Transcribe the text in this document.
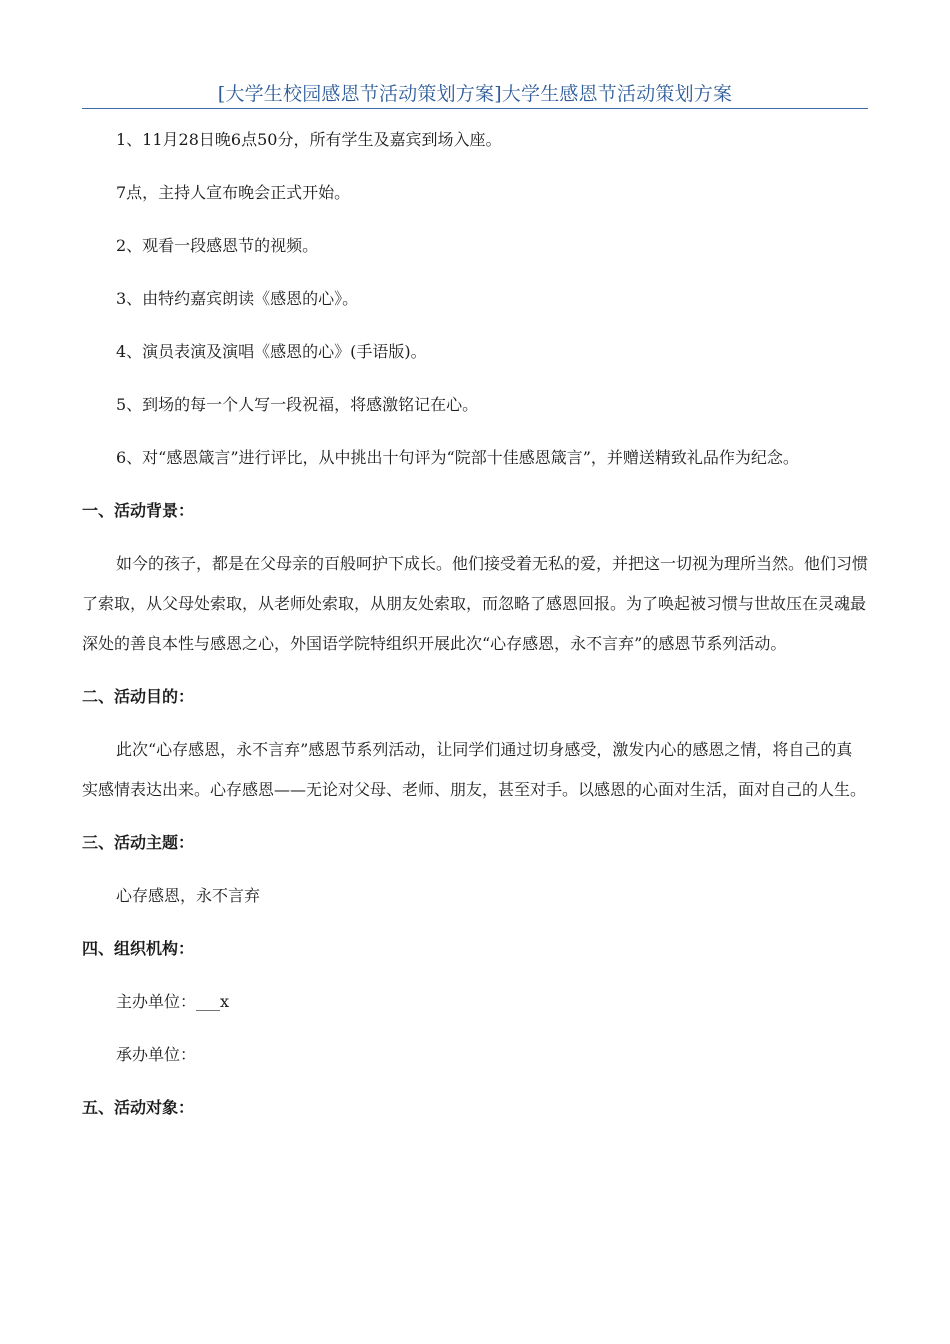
[大学生校园感恩节活动策划方案]大学生感恩节活动策划方案

1、11月28日晚6点50分，所有学生及嘉宾到场入座。

7点，主持人宣布晚会正式开始。

2、观看一段感恩节的视频。

3、由特约嘉宾朗读《感恩的心》。

4、演员表演及演唱《感恩的心》(手语版)。

5、到场的每一个人写一段祝福，将感激铭记在心。

6、对“感恩箴言”进行评比，从中挑出十句评为“院部十佳感恩箴言”，并赠送精致礼品作为纪念。

一、活动背景：

如今的孩子，都是在父母亲的百般呵护下成长。他们接受着无私的爱，并把这一切视为理所当然。他们习惯了索取，从父母处索取，从老师处索取，从朋友处索取，而忽略了感恩回报。为了唤起被习惯与世故压在灵魂最深处的善良本性与感恩之心，外国语学院特组织开展此次“心存感恩，永不言弃”的感恩节系列活动。

二、活动目的：

此次“心存感恩，永不言弃”感恩节系列活动，让同学们通过切身感受，激发内心的感恩之情，将自己的真实感情表达出来。心存感恩——无论对父母、老师、朋友，甚至对手。以感恩的心面对生活，面对自己的人生。

三、活动主题：

心存感恩，永不言弃

四、组织机构：

主办单位：___x

承办单位：

五、活动对象：
